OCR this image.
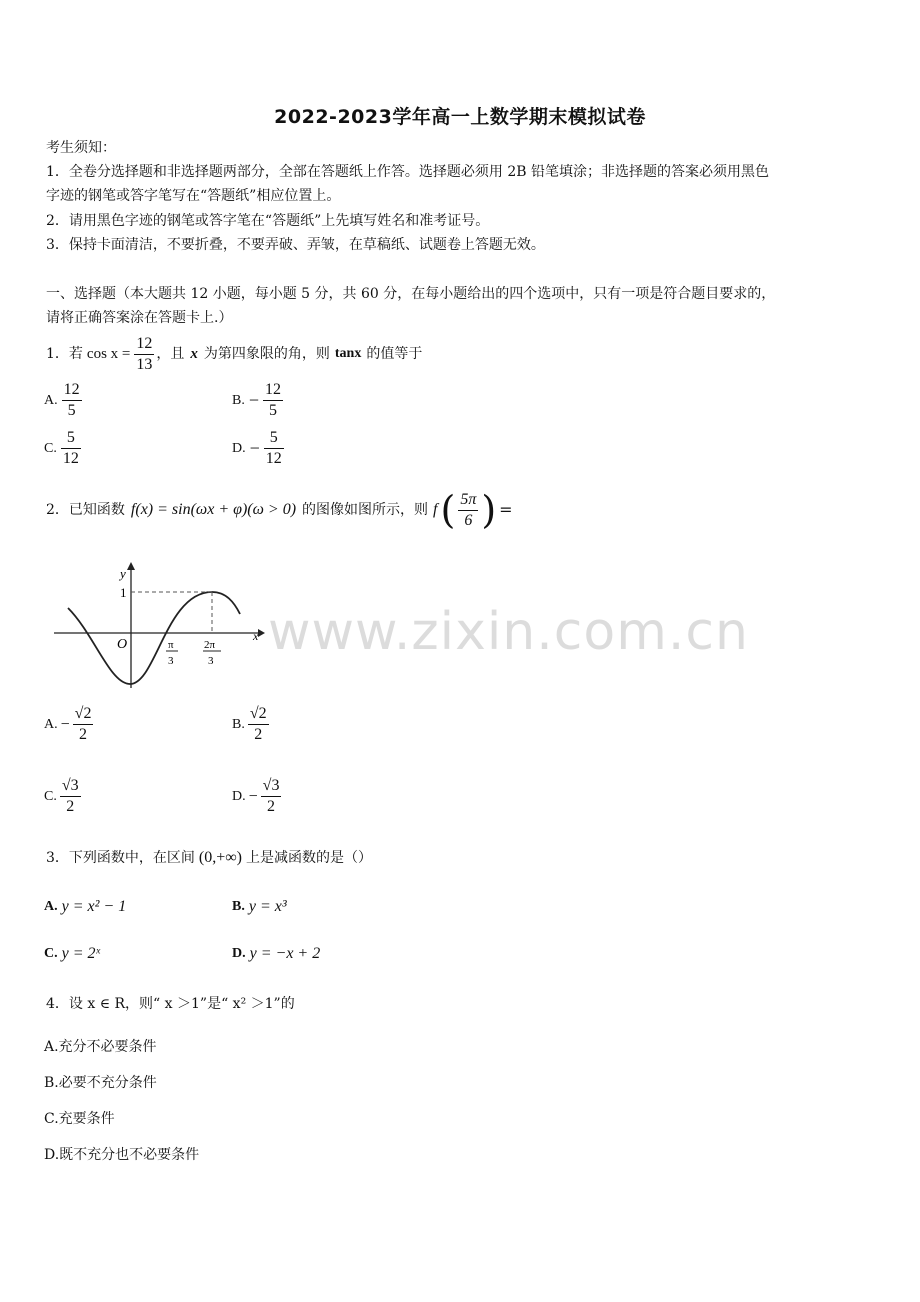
2022-2023学年高一上数学期末模拟试卷
考生须知：
1．全卷分选择题和非选择题两部分，全部在答题纸上作答。选择题必须用 2B 铅笔填涂；非选择题的答案必须用黑色
字迹的钢笔或答字笔写在“答题纸”相应位置上。
2．请用黑色字迹的钢笔或答字笔在“答题纸”上先填写姓名和准考证号。
3．保持卡面清洁，不要折叠，不要弄破、弄皱，在草稿纸、试题卷上答题无效。
一、选择题（本大题共 12 小题，每小题 5 分，共 60 分，在每小题给出的四个选项中，只有一项是符合题目要求的，
请将正确答案涂在答题卡上.）
1．若 $\cos x = \frac{12}{13}$ ，且 x 为第四象限的角，则 tanx 的值等于
A. $\frac{12}{5}$	B. − $\frac{12}{5}$
C. $\frac{5}{12}$	D. − $\frac{5}{12}$
2．已知函数 f(x) = sin(ωx + φ)(ω > 0) 的图像如图所示，则 f ( $\frac{5\pi}{6}$ ) =
y
x
1
O	π
3
2π
3 www.zixin.com.cn
A. − $\frac{√2}{2}$	B. $\frac{√2}{2}$
C. $\frac{√3}{2}$	D. − $\frac{√3}{2}$
3．下列函数中，在区间 (0,+∞) 上是减函数的是（）
A. y = x² − 1	B. y = x³
C. y = 2ˣ	D. y = −x + 2
4．设 x ∈ R，则“ x ＞1”是“ x² ＞1”的
A.充分不必要条件
B.必要不充分条件
C.充要条件
D.既不充分也不必要条件
